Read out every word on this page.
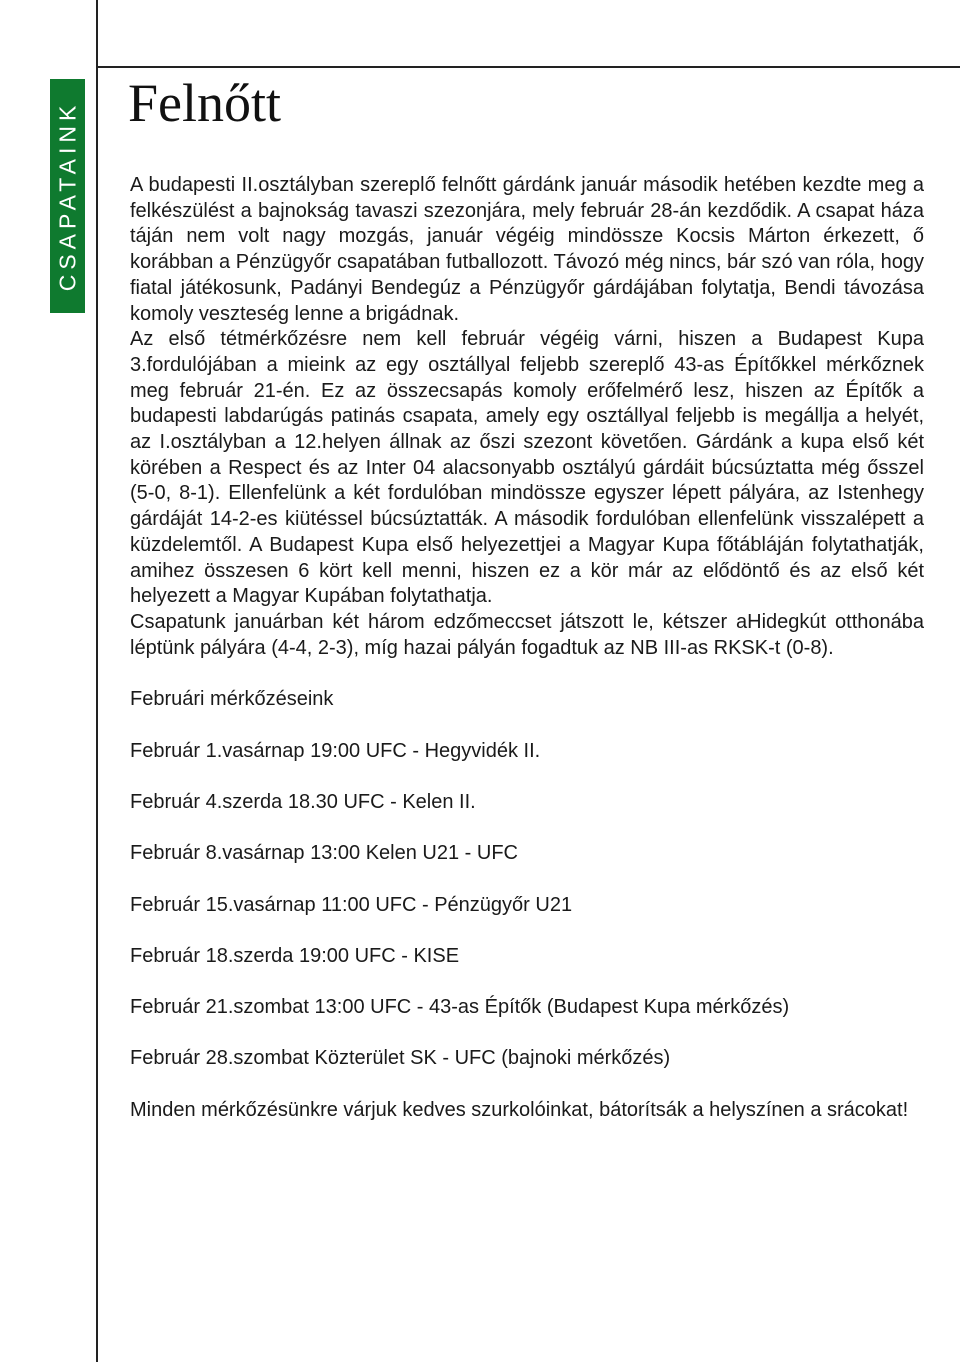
CSAPATAINK Felnőtt

A budapesti II.osztályban szereplő felnőtt gárdánk január második hetében kezdte meg a felkészülést a bajnokság tavaszi szezonjára, mely február 28-án kezdődik. A csapat háza táján nem volt nagy mozgás, január végéig mindössze Kocsis Márton érkezett, ő korábban a Pénzügyőr csapatában futballozott. Távozó még nincs, bár szó van róla, hogy fiatal játékosunk, Padányi Bendegúz a Pénzügyőr gárdájában folytatja, Bendi távozása komoly veszteség lenne a brigádnak.

Az első tétmérkőzésre nem kell február végéig várni, hiszen a Budapest Kupa 3.fordulójában a mieink az egy osztállyal feljebb szereplő 43-as Építőkkel mérkőznek meg február 21-én. Ez az összecsapás komoly erőfelmérő lesz, hiszen az Építők a budapesti labdarúgás patinás csapata, amely egy osztállyal feljebb is megállja a helyét, az I.osztályban a 12.helyen állnak az őszi szezont követően. Gárdánk a kupa első két körében a Respect és az Inter 04 alacsonyabb osztályú gárdáit búcsúztatta még ősszel (5-0, 8-1). Ellenfelünk a két fordulóban mindössze egyszer lépett pályára, az Istenhegy gárdáját 14-2-es kiütéssel búcsúztatták. A második fordulóban ellenfelünk visszalépett a küzdelemtől. A Budapest Kupa első helyezettjei a Magyar Kupa főtábláján folytathatják, amihez összesen 6 kört kell menni, hiszen ez a kör már az elődöntő és az első két helyezett a Magyar Kupában folytathatja.

Csapatunk januárban két három edzőmeccset játszott le, kétszer aHidegkút otthonába léptünk pályára (4-4, 2-3), míg hazai pályán fogadtuk az NB III-as RKSK-t (0-8).

Februári mérkőzéseink

Február 1.vasárnap 19:00 UFC - Hegyvidék II.
Február 4.szerda 18.30 UFC - Kelen II.
Február 8.vasárnap 13:00 Kelen U21 - UFC
Február 15.vasárnap 11:00 UFC - Pénzügyőr U21
Február 18.szerda 19:00 UFC - KISE
Február 21.szombat 13:00 UFC - 43-as Építők (Budapest Kupa mérkőzés)
Február 28.szombat Közterület SK - UFC (bajnoki mérkőzés)

Minden mérkőzésünkre várjuk kedves szurkolóinkat, bátorítsák a helyszínen a srácokat!
